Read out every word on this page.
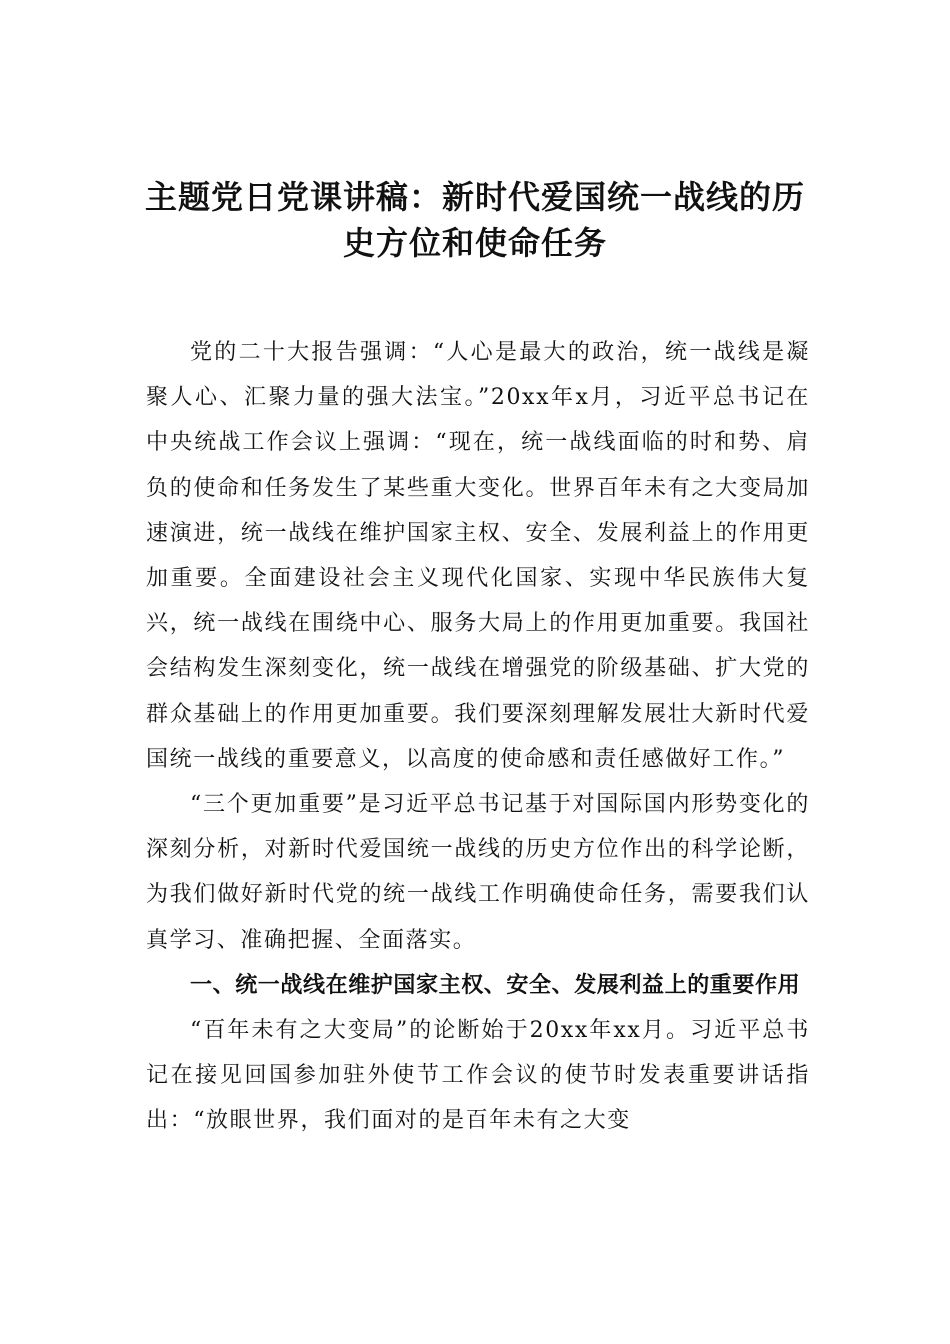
主题党日党课讲稿：新时代爱国统一战线的历史方位和使命任务

党的二十大报告强调：“人心是最大的政治，统一战线是凝聚人心、汇聚力量的强大法宝。”20xx年x月，习近平总书记在中央统战工作会议上强调：“现在，统一战线面临的时和势、肩负的使命和任务发生了某些重大变化。世界百年未有之大变局加速演进，统一战线在维护国家主权、安全、发展利益上的作用更加重要。全面建设社会主义现代化国家、实现中华民族伟大复兴，统一战线在围绕中心、服务大局上的作用更加重要。我国社会结构发生深刻变化，统一战线在增强党的阶级基础、扩大党的群众基础上的作用更加重要。我们要深刻理解发展壮大新时代爱国统一战线的重要意义，以高度的使命感和责任感做好工作。”

“三个更加重要”是习近平总书记基于对国际国内形势变化的深刻分析，对新时代爱国统一战线的历史方位作出的科学论断，为我们做好新时代党的统一战线工作明确使命任务，需要我们认真学习、准确把握、全面落实。

一、统一战线在维护国家主权、安全、发展利益上的重要作用

“百年未有之大变局”的论断始于20xx年xx月。习近平总书记在接见回国参加驻外使节工作会议的使节时发表重要讲话指出：“放眼世界，我们面对的是百年未有之大变
